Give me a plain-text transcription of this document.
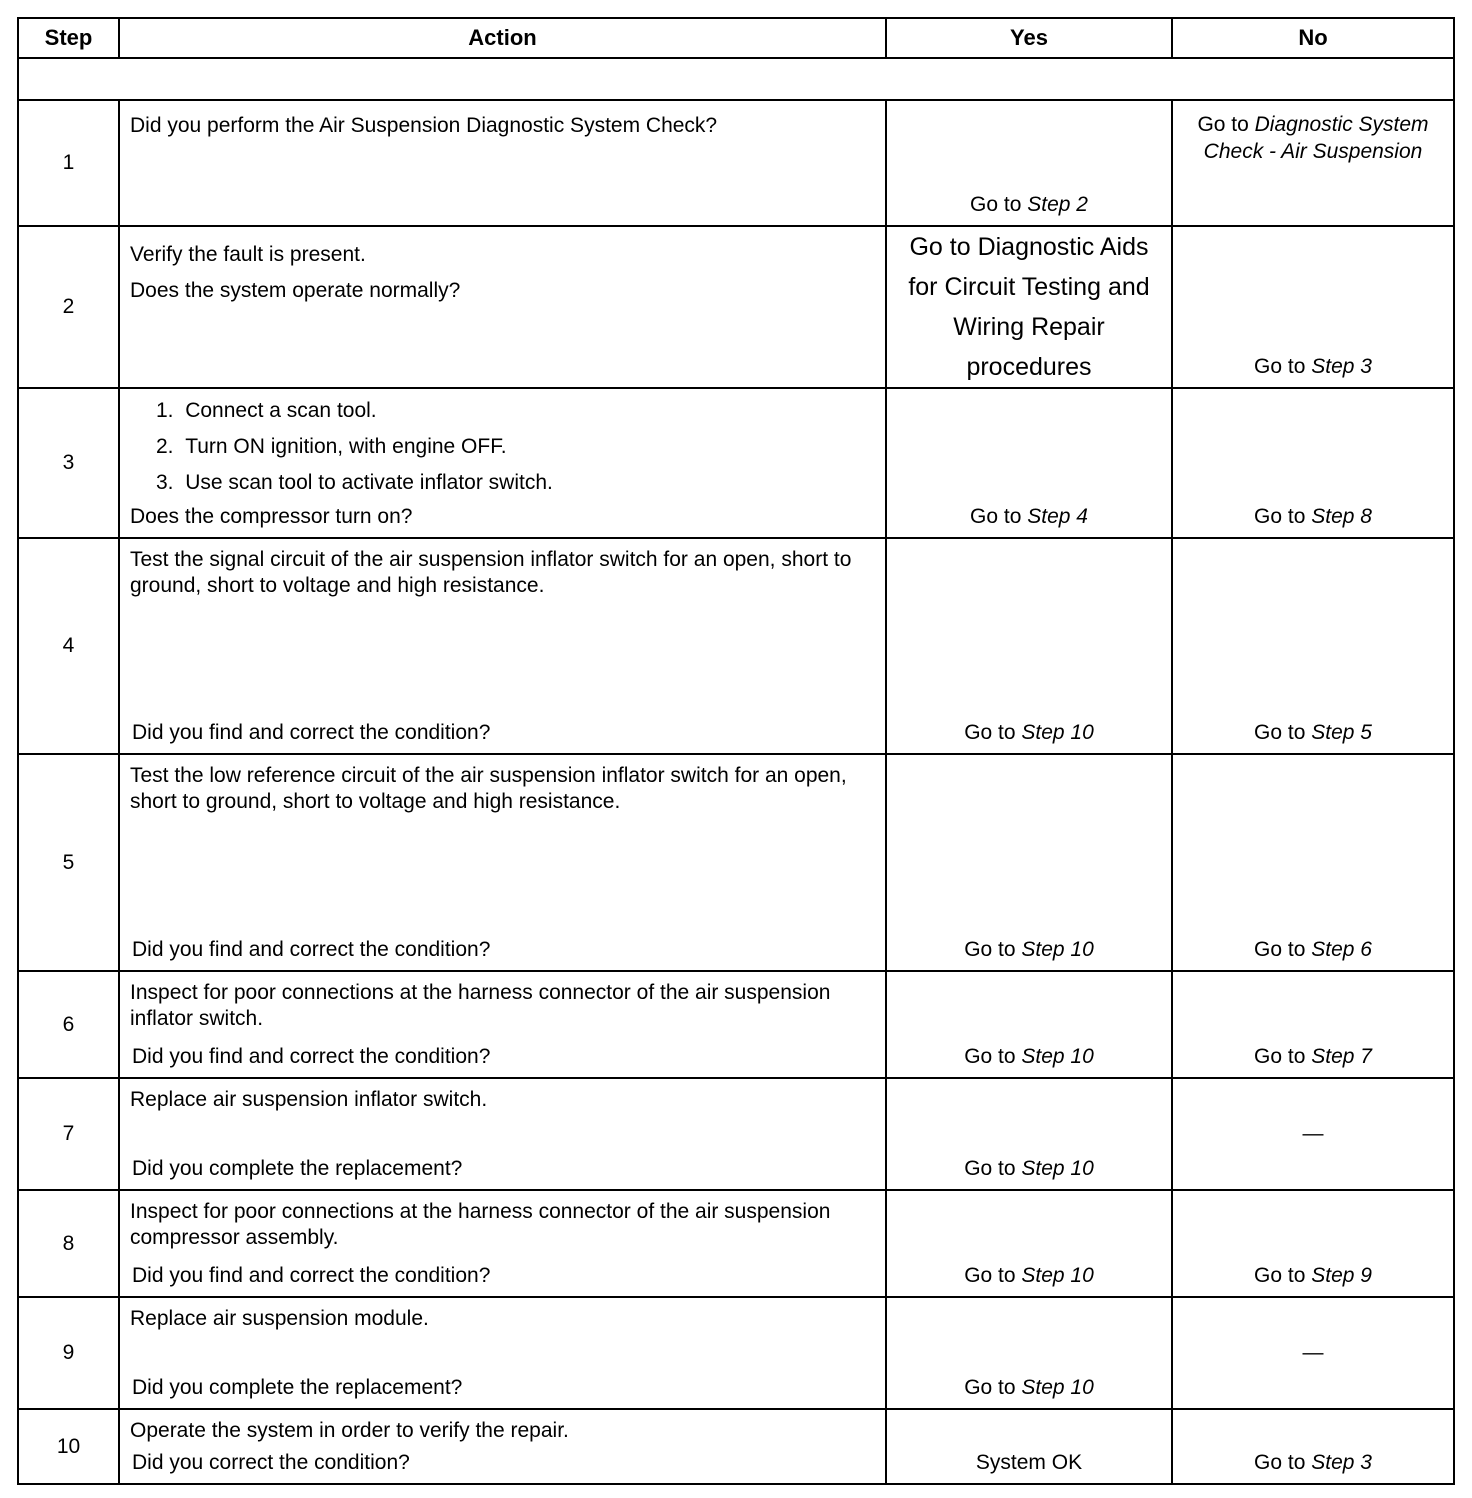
Step	Action	Yes	No

1	Did you perform the Air Suspension Diagnostic System Check?	Go to Step 2	Go to Diagnostic System Check - Air Suspension

2	Verify the fault is present.
Does the system operate normally?	Go to Diagnostic Aids for Circuit Testing and Wiring Repair procedures	Go to Step 3

3	1.  Connect a scan tool.
2.  Turn ON ignition, with engine OFF.
3.  Use scan tool to activate inflator switch.
Does the compressor turn on?	Go to Step 4	Go to Step 8

4	Test the signal circuit of the air suspension inflator switch for an open, short to ground, short to voltage and high resistance.
Did you find and correct the condition?	Go to Step 10	Go to Step 5

5	Test the low reference circuit of the air suspension inflator switch for an open, short to ground, short to voltage and high resistance.
Did you find and correct the condition?	Go to Step 10	Go to Step 6

6	Inspect for poor connections at the harness connector of the air suspension inflator switch.
Did you find and correct the condition?	Go to Step 10	Go to Step 7

7	Replace air suspension inflator switch.
Did you complete the replacement?	Go to Step 10	—

8	Inspect for poor connections at the harness connector of the air suspension compressor assembly.
Did you find and correct the condition?	Go to Step 10	Go to Step 9

9	Replace air suspension module.
Did you complete the replacement?	Go to Step 10	—

10	Operate the system in order to verify the repair.
Did you correct the condition?	System OK	Go to Step 3
